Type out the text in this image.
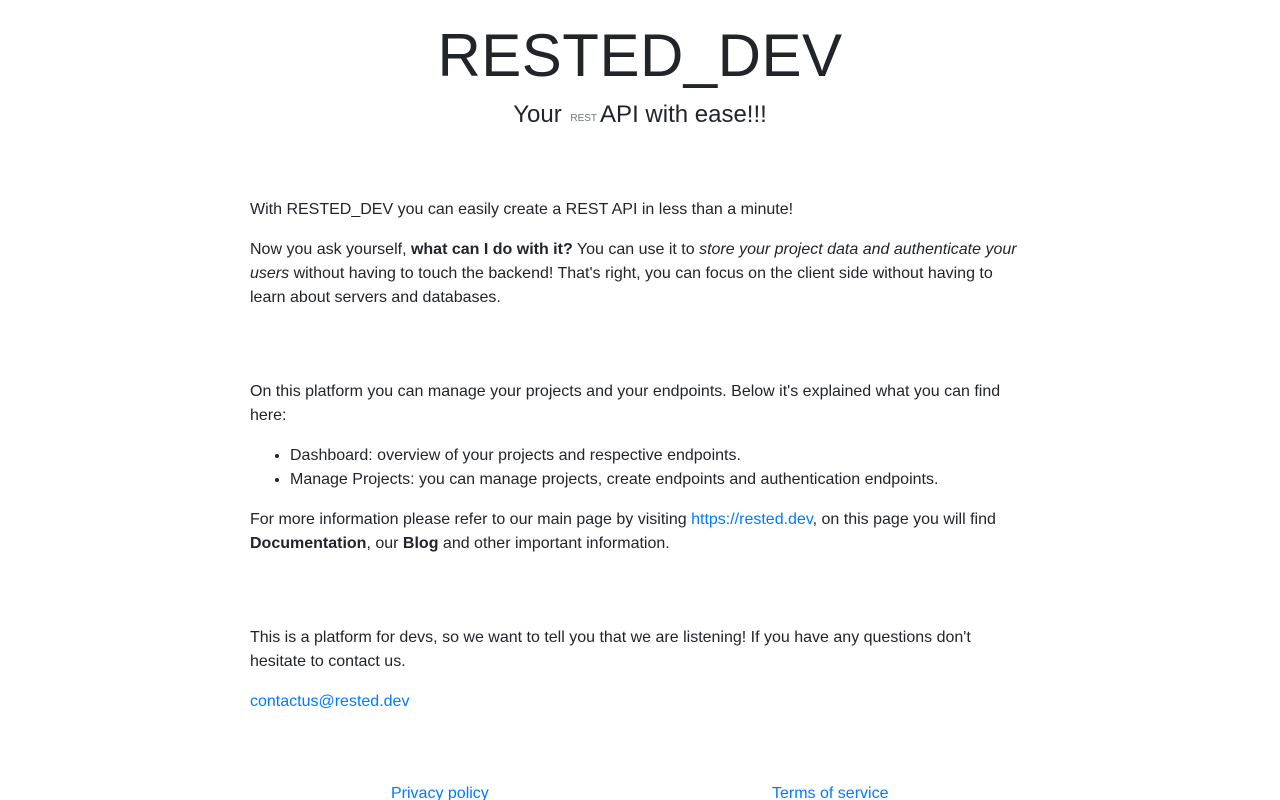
RESTED_DEV
Your REST API with ease!!!

With RESTED_DEV you can easily create a REST API in less than a minute!

Now you ask yourself, what can I do with it? You can use it to store your project data and authenticate your users without having to touch the backend! That's right, you can focus on the client side without having to learn about servers and databases.

On this platform you can manage your projects and your endpoints. Below it's explained what you can find here:

• Dashboard: overview of your projects and respective endpoints.
• Manage Projects: you can manage projects, create endpoints and authentication endpoints.

For more information please refer to our main page by visiting https://rested.dev, on this page you will find Documentation, our Blog and other important information.

This is a platform for devs, so we want to tell you that we are listening! If you have any questions don't hesitate to contact us.

contactus@rested.dev

Privacy policy	Terms of service
